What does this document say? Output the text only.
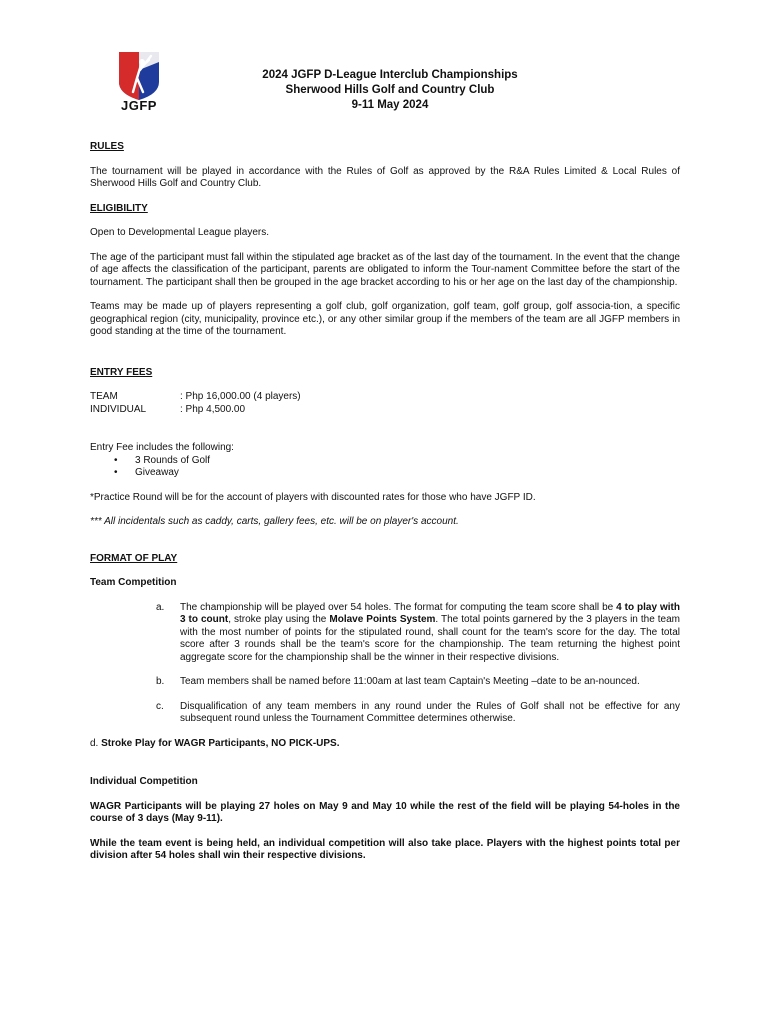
JGFP
2024 JGFP D-League Interclub Championships
Sherwood Hills Golf and Country Club
9-11 May 2024

RULES

The tournament will be played in accordance with the Rules of Golf as approved by the R&A Rules Limited & Local Rules of Sherwood Hills Golf and Country Club.

ELIGIBILITY

Open to Developmental League players.

The age of the participant must fall within the stipulated age bracket as of the last day of the tournament. In the event that the change of age affects the classification of the participant, parents are obligated to inform the Tour-nament Committee before the start of the tournament. The participant shall then be grouped in the age bracket according to his or her age on the last day of the championship.

Teams may be made up of players representing a golf club, golf organization, golf team, golf group, golf associa-tion, a specific geographical region (city, municipality, province etc.), or any other similar group if the members of the team are all JGFP members in good standing at the time of the tournament.

ENTRY FEES

TEAM	: Php 16,000.00 (4 players)
INDIVIDUAL	: Php 4,500.00

Entry Fee includes the following:

• 3 Rounds of Golf
• Giveaway

*Practice Round will be for the account of players with discounted rates for those who have JGFP ID.

*** All incidentals such as caddy, carts, gallery fees, etc. will be on player's account.

FORMAT OF PLAY

Team Competition

a.	The championship will be played over 54 holes. The format for computing the team score shall be 4 to play with 3 to count, stroke play using the Molave Points System. The total points garnered by the 3 players in the team with the most number of points for the stipulated round, shall count for the team's score for the day. The total score after 3 rounds shall be the team's score for the championship. The team returning the highest point aggregate score for the championship shall be the winner in their respective divisions.
b.	Team members shall be named before 11:00am at last team Captain's Meeting –date to be an-nounced.
c.	Disqualification of any team members in any round under the Rules of Golf shall not be effective for any subsequent round unless the Tournament Committee determines otherwise.

d. Stroke Play for WAGR Participants, NO PICK-UPS.

Individual Competition

WAGR Participants will be playing 27 holes on May 9 and May 10 while the rest of the field will be playing 54-holes in the course of 3 days (May 9-11).

While the team event is being held, an individual competition will also take place. Players with the highest points total per division after 54 holes shall win their respective divisions.
